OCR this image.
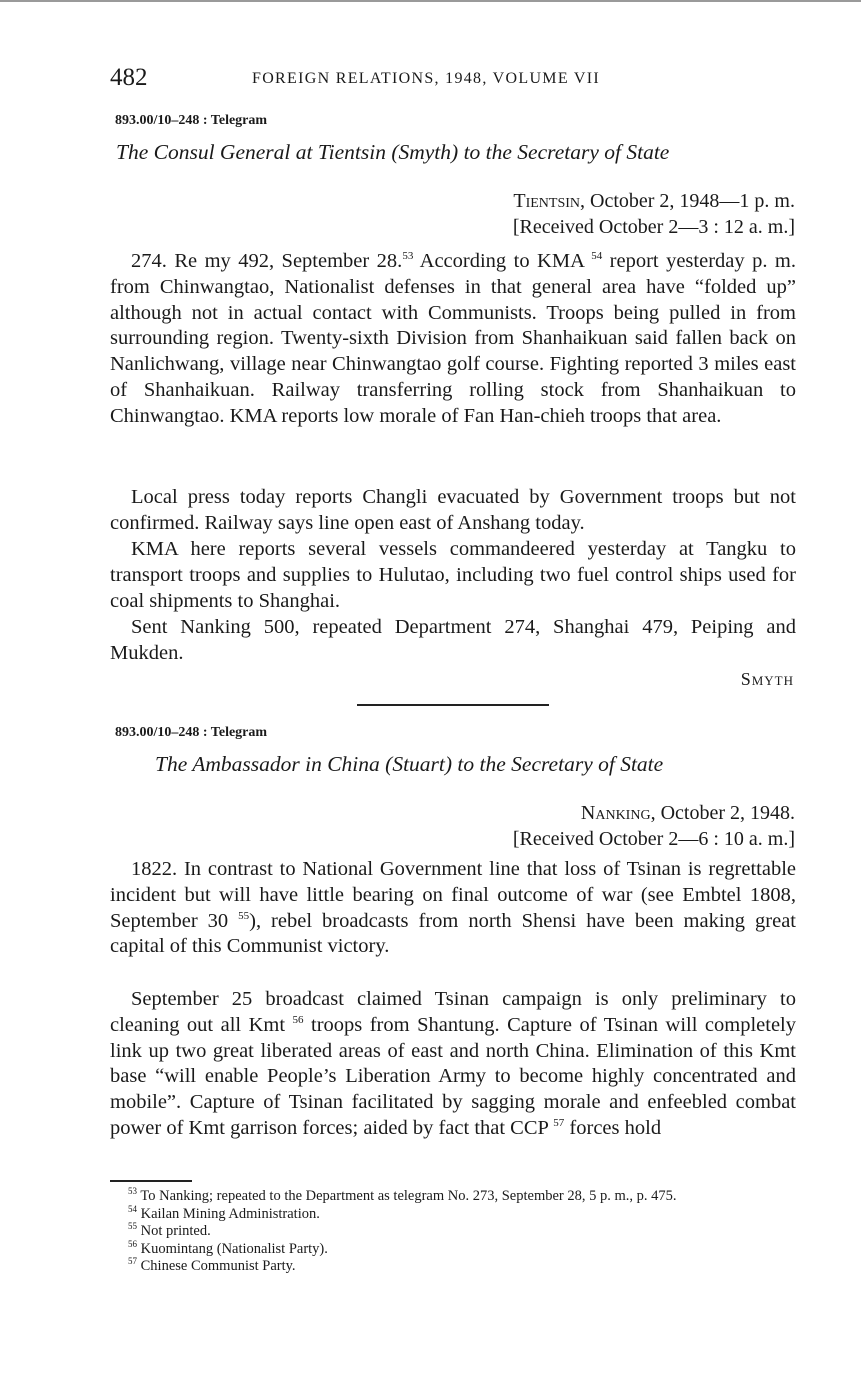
482	FOREIGN RELATIONS, 1948, VOLUME VII
893.00/10–248 : Telegram
The Consul General at Tientsin (Smyth) to the Secretary of State
Tientsin, October 2, 1948—1 p. m.
[Received October 2—3 : 12 a. m.]

274. Re my 492, September 28.53 According to KMA $^{54}$ report yesterday p. m. from Chinwangtao, Nationalist defenses in that general area have “folded up” although not in actual contact with Communists. Troops being pulled in from surrounding region. Twenty-sixth Division from Shanhaikuan said fallen back on Nanlichwang, village near Chinwangtao golf course. Fighting reported 3 miles east of Shanhaikuan. Railway transferring rolling stock from Shanhaikuan to Chinwangtao. KMA reports low morale of Fan Han-chieh troops that area.

Local press today reports Changli evacuated by Government troops but not confirmed. Railway says line open east of Anshang today.

KMA here reports several vessels commandeered yesterday at Tangku to transport troops and supplies to Hulutao, including two fuel control ships used for coal shipments to Shanghai.

Sent Nanking 500, repeated Department 274, Shanghai 479, Peiping and Mukden.

Smyth
893.00/10–248 : Telegram
The Ambassador in China (Stuart) to the Secretary of State
Nanking, October 2, 1948.
[Received October 2—6 : 10 a. m.]

1822. In contrast to National Government line that loss of Tsinan is regrettable incident but will have little bearing on final outcome of war (see Embtel 1808, September 30 $^{55}$), rebel broadcasts from north Shensi have been making great capital of this Communist victory.

September 25 broadcast claimed Tsinan campaign is only preliminary to cleaning out all Kmt $^{56}$ troops from Shantung. Capture of Tsinan will completely link up two great liberated areas of east and north China. Elimination of this Kmt base “will enable People’s Liberation Army to become highly concentrated and mobile”. Capture of Tsinan facilitated by sagging morale and enfeebled combat power of Kmt garrison forces; aided by fact that CCP $^{57}$ forces hold

$^{53}$ To Nanking; repeated to the Department as telegram No. 273, September 28, 5 p. m., p. 475.

$^{54}$ Kailan Mining Administration.

$^{55}$ Not printed.

$^{56}$ Kuomintang (Nationalist Party).

$^{57}$ Chinese Communist Party.
